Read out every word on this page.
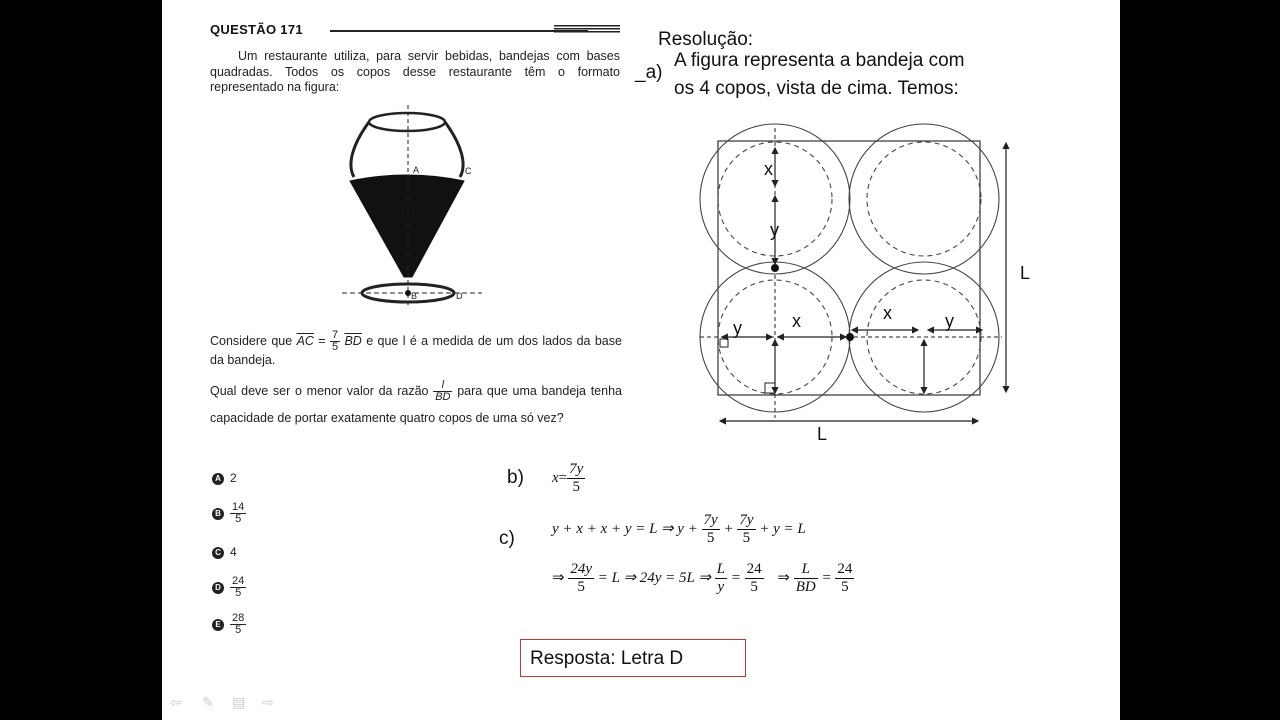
QUESTÃO 171
Um restaurante utiliza, para servir bebidas, bandejas com bases quadradas. Todos os copos desse restaurante têm o formato representado na figura:
A	C
B	D
Considere que $\overline{AC} = \frac{7}{5} \overline{BD}$ e que l é a medida de um dos lados da base da bandeja.
Qual deve ser o menor valor da razão $\frac{l}{BD}$ para que uma bandeja tenha capacidade de portar exatamente quatro copos de uma só vez?
A 2
B $\frac{14}{5}$
C 4
D $\frac{24}{5}$
E $\frac{28}{5}$
Resolução:
_a)
A figura representa a bandeja com
os 4 copos, vista de cima. Temos:
x
y
y	x	x	y
L
L
b) $x= \frac{7y}{5}$
c) y + x + x + y = L ⇒ $y + \frac{7y}{5} + \frac{7y}{5} + y = L$
⇒ $\frac{24y}{5} = L$ ⇒ 24y = 5L ⇒ $\frac{L}{y} = \frac{24}{5}$ ⇒ $\frac{L}{BD} = \frac{24}{5}$
Resposta: Letra D
⇦ ✎ ▤ ⇨
